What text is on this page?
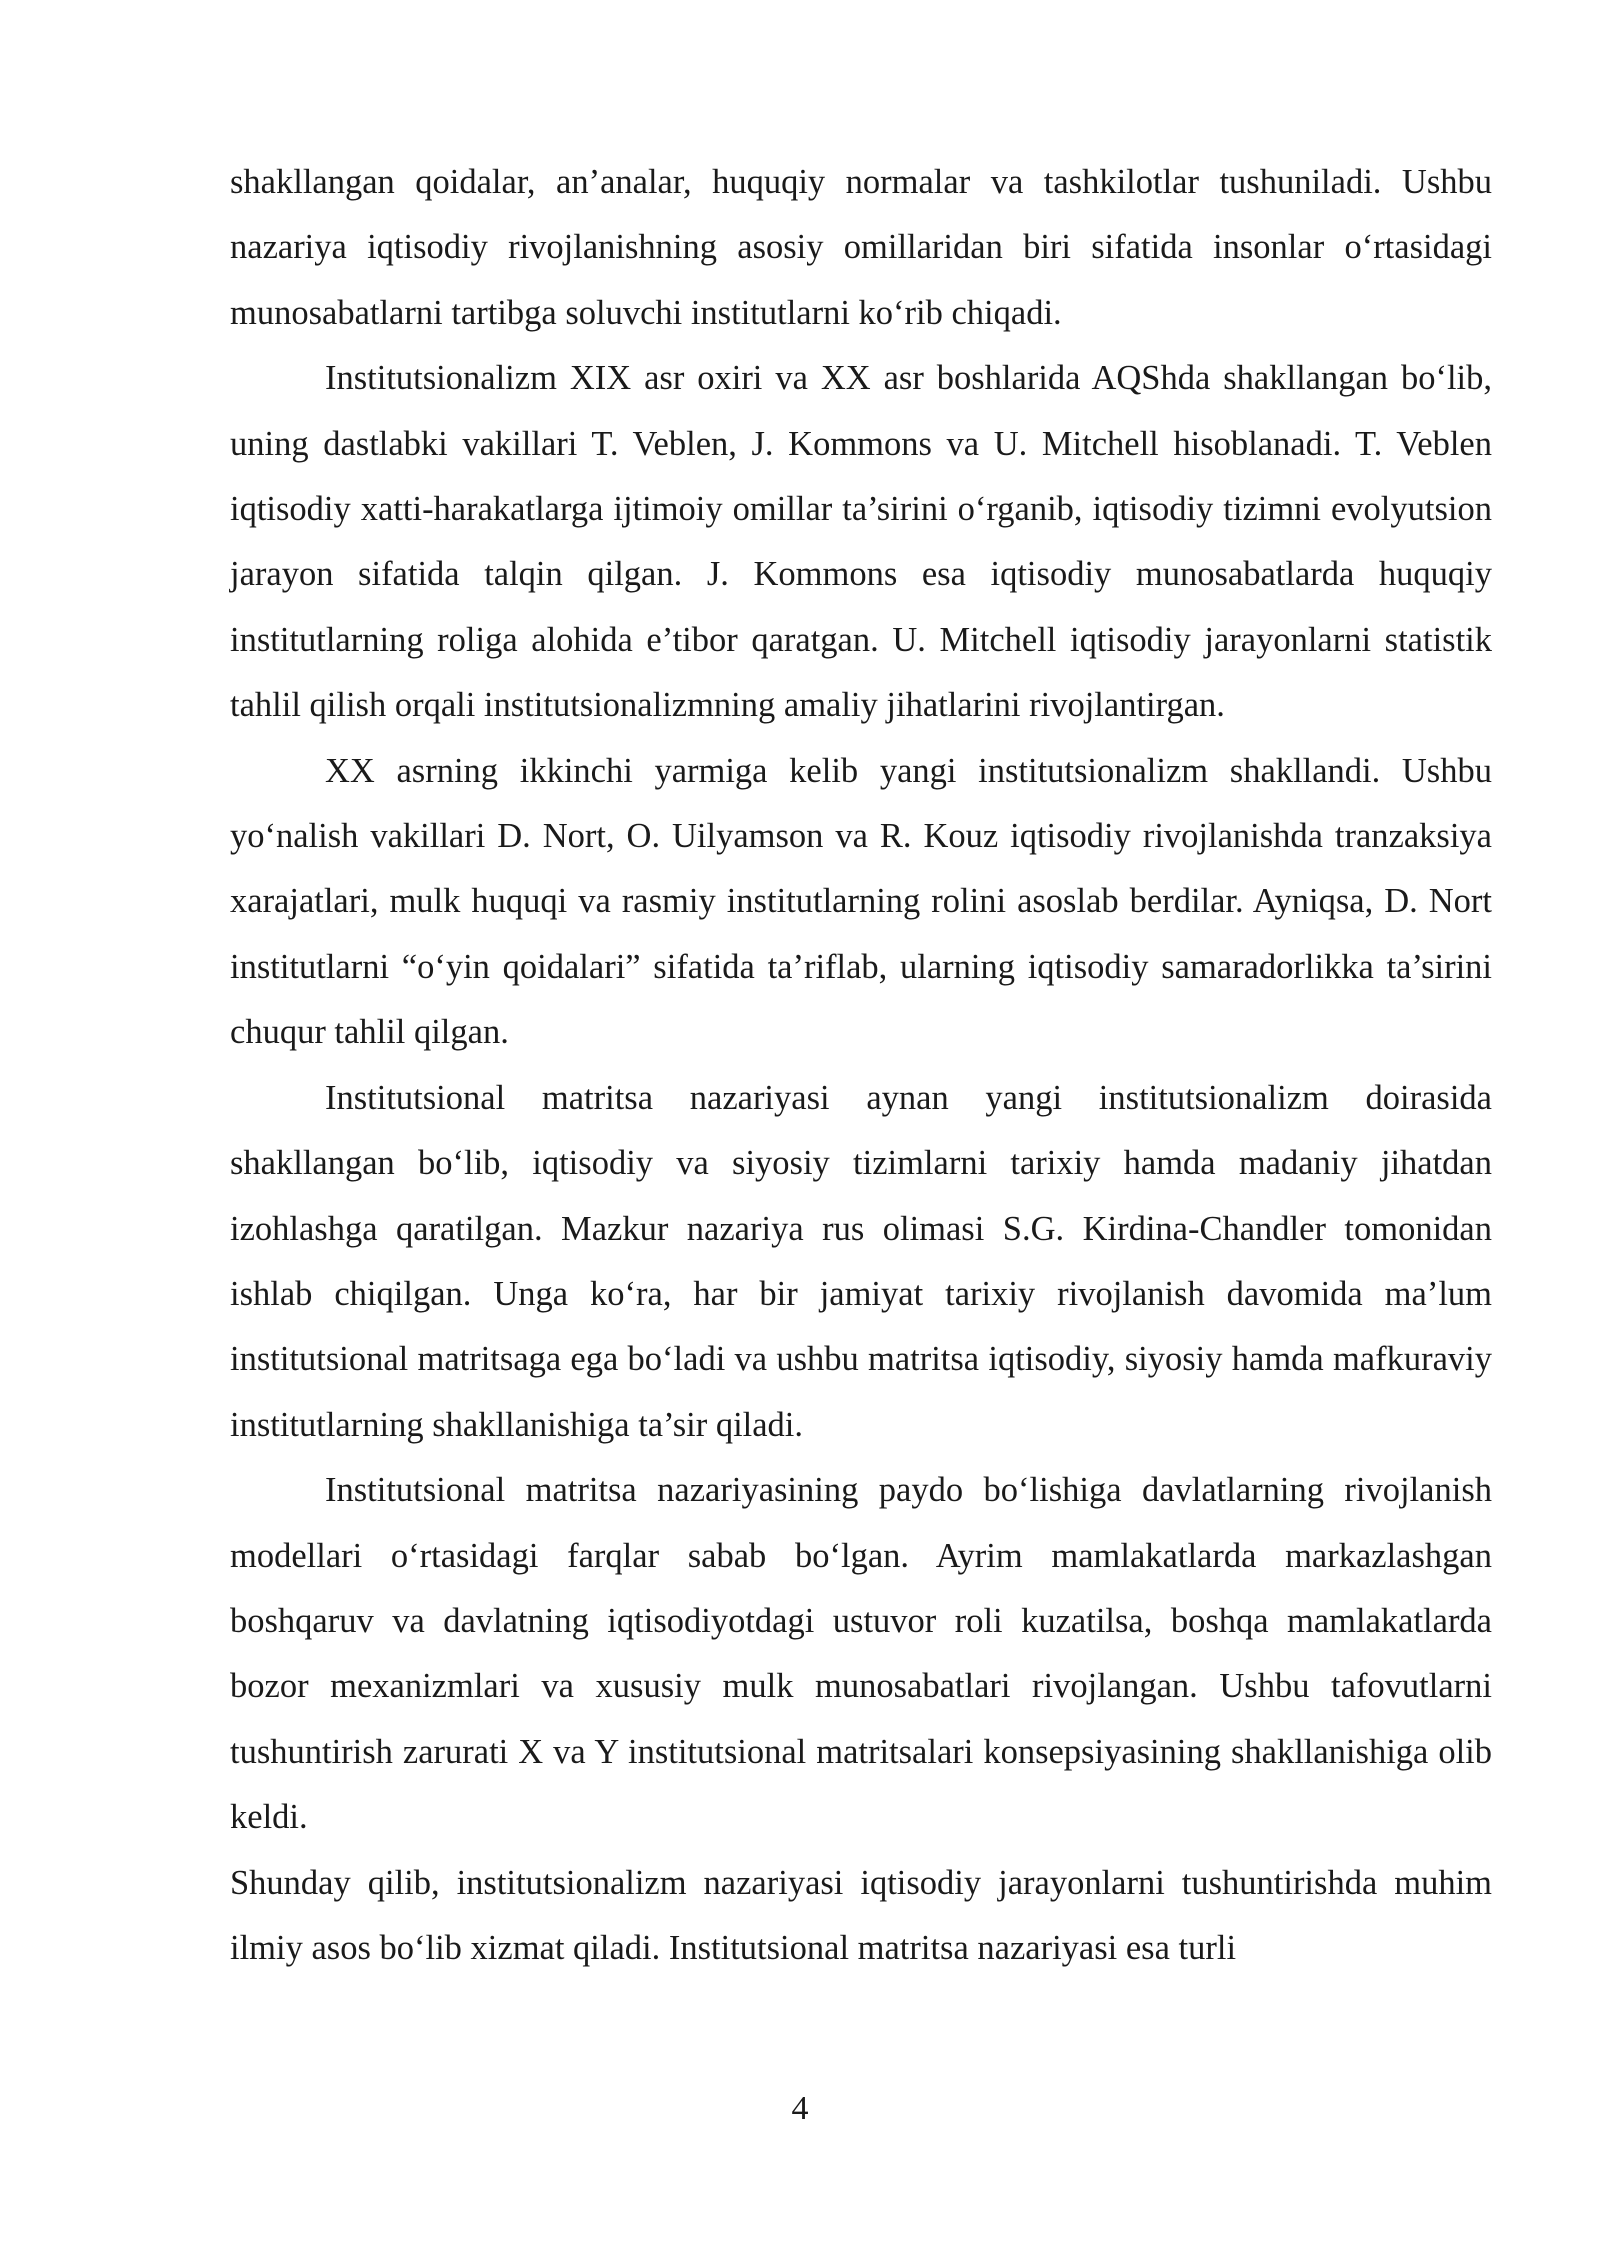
shakllangan qoidalar, an’analar, huquqiy normalar va tashkilotlar tushuniladi. Ushbu nazariya iqtisodiy rivojlanishning asosiy omillaridan biri sifatida insonlar o‘rtasidagi munosabatlarni tartibga soluvchi institutlarni ko‘rib chiqadi.

Institutsionalizm XIX asr oxiri va XX asr boshlarida AQShda shakllangan bo‘lib, uning dastlabki vakillari T. Veblen, J. Kommons va U. Mitchell hisoblanadi. T. Veblen iqtisodiy xatti-harakatlarga ijtimoiy omillar ta’sirini o‘rganib, iqtisodiy tizimni evolyutsion jarayon sifatida talqin qilgan. J. Kommons esa iqtisodiy munosabatlarda huquqiy institutlarning roliga alohida e’tibor qaratgan. U. Mitchell iqtisodiy jarayonlarni statistik tahlil qilish orqali institutsionalizmning amaliy jihatlarini rivojlantirgan.

XX asrning ikkinchi yarmiga kelib yangi institutsionalizm shakllandi. Ushbu yo‘nalish vakillari D. Nort, O. Uilyamson va R. Kouz iqtisodiy rivojlanishda tranzaksiya xarajatlari, mulk huquqi va rasmiy institutlarning rolini asoslab berdilar. Ayniqsa, D. Nort institutlarni “o‘yin qoidalari” sifatida ta’riflab, ularning iqtisodiy samaradorlikka ta’sirini chuqur tahlil qilgan.

Institutsional matritsa nazariyasi aynan yangi institutsionalizm doirasida shakllangan bo‘lib, iqtisodiy va siyosiy tizimlarni tarixiy hamda madaniy jihatdan izohlashga qaratilgan. Mazkur nazariya rus olimasi S.G. Kirdina-Chandler tomonidan ishlab chiqilgan. Unga ko‘ra, har bir jamiyat tarixiy rivojlanish davomida ma’lum institutsional matritsaga ega bo‘ladi va ushbu matritsa iqtisodiy, siyosiy hamda mafkuraviy institutlarning shakllanishiga ta’sir qiladi.

Institutsional matritsa nazariyasining paydo bo‘lishiga davlatlarning rivojlanish modellari o‘rtasidagi farqlar sabab bo‘lgan. Ayrim mamlakatlarda markazlashgan boshqaruv va davlatning iqtisodiyotdagi ustuvor roli kuzatilsa, boshqa mamlakatlarda bozor mexanizmlari va xususiy mulk munosabatlari rivojlangan. Ushbu tafovutlarni tushuntirish zarurati X va Y institutsional matritsalari konsepsiyasining shakllanishiga olib keldi.

Shunday qilib, institutsionalizm nazariyasi iqtisodiy jarayonlarni tushuntirishda muhim ilmiy asos bo‘lib xizmat qiladi. Institutsional matritsa nazariyasi esa turli

4
